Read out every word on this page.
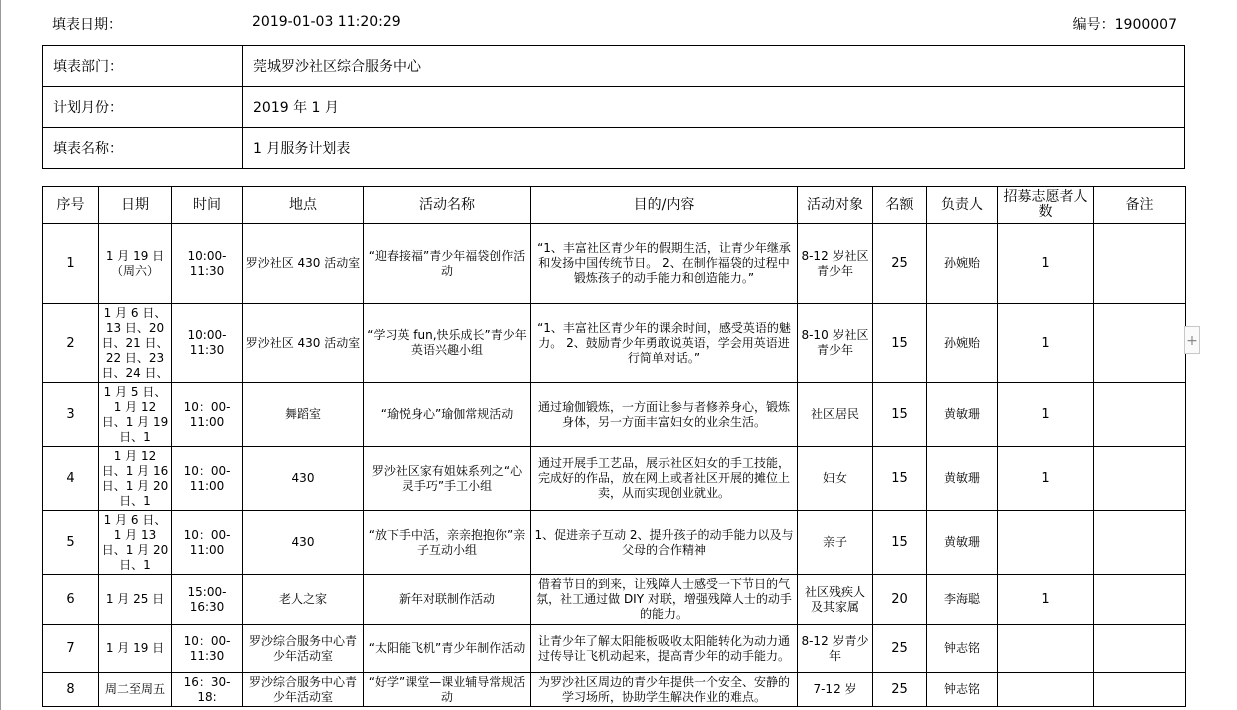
填表日期：	2019-01-03 11:20:29	编号：1900007
填表部门：	莞城罗沙社区综合服务中心
计划月份：	2019 年 1 月
填表名称：	1 月服务计划表
序号	日期	时间	地点	活动名称	目的/内容	活动对象	名额	负责人	招募志愿者人数	备注
1	1 月 19 日（周六）	10:00-11:30	罗沙社区 430 活动室	“迎春接福”青少年福袋创作活动	“1、丰富社区青少年的假期生活，让青少年继承和发扬中国传统节日。 2、在制作福袋的过程中锻炼孩子的动手能力和创造能力。”	8-12 岁社区青少年	25	孙婉贻	1	
2	1 月 6 日、13 日、20 日、21 日、22 日、23 日、24 日、	10:00-11:30	罗沙社区 430 活动室	“学习英 fun,快乐成长”青少年英语兴趣小组	“1、丰富社区青少年的课余时间，感受英语的魅力。 2、鼓励青少年勇敢说英语，学会用英语进行简单对话。”	8-10 岁社区青少年	15	孙婉贻	1	
3	1 月 5 日、1 月 12 日、1 月 19 日、1	10：00-11:00	舞蹈室	“瑜悦身心”瑜伽常规活动	通过瑜伽锻炼，一方面让参与者修养身心，锻炼身体，另一方面丰富妇女的业余生活。	社区居民	15	黄敏珊	1	
4	1 月 12 日、1 月 16 日、1 月 20 日、1	10：00-11:00	430	罗沙社区家有姐妹系列之“心灵手巧”手工小组	通过开展手工艺品，展示社区妇女的手工技能，完成好的作品，放在网上或者社区开展的摊位上卖，从而实现创业就业。	妇女	15	黄敏珊	1	
5	1 月 6 日、1 月 13 日、1 月 20 日、1	10：00-11:00	430	“放下手中活，亲亲抱抱你”亲子互动小组	1、促进亲子互动 2、提升孩子的动手能力以及与父母的合作精神	亲子	15	黄敏珊		
6	1 月 25 日	15:00-16:30	老人之家	新年对联制作活动	借着节日的到来，让残障人士感受一下节日的气氛，社工通过做 DIY 对联，增强残障人士的动手的能力。	社区残疾人及其家属	20	李海聪	1	
7	1 月 19 日	10：00-11:30	罗沙综合服务中心青少年活动室	“太阳能飞机”青少年制作活动	让青少年了解太阳能板吸收太阳能转化为动力通过传导让飞机动起来，提高青少年的动手能力。	8-12 岁青少年	25	钟志铭		
8	周二至周五	16：30-18:	罗沙综合服务中心青少年活动室	“好学”课堂—课业辅导常规活动	为罗沙社区周边的青少年提供一个安全、安静的学习场所，协助学生解决作业的难点。	7-12 岁	25	钟志铭		
+
